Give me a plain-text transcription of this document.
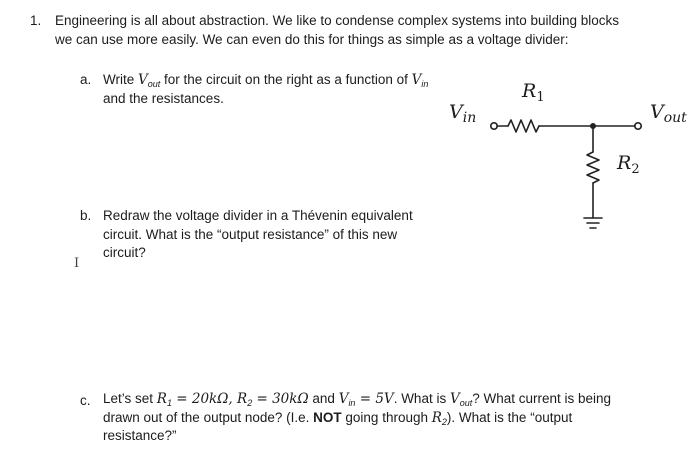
1. Engineering is all about abstraction. We like to condense complex systems into building blocks
we can use more easily. We can even do this for things as simple as a voltage divider:
a. Write $V_{out}$ for the circuit on the right as a function of $V_{in}$
and the resistances.
b. Redraw the voltage divider in a Thévenin equivalent
circuit. What is the “output resistance” of this new
circuit?
I
c. Let’s set $R_1 = 20k\Omega$, $R_2 = 30k\Omega$ and $V_{in} = 5V$. What is $V_{out}$? What current is being
drawn out of the output node? (I.e. NOT going through $R_2$). What is the “output
resistance?”
$V_{in}$
$R_1$
$V_{out}$
$R_2$
